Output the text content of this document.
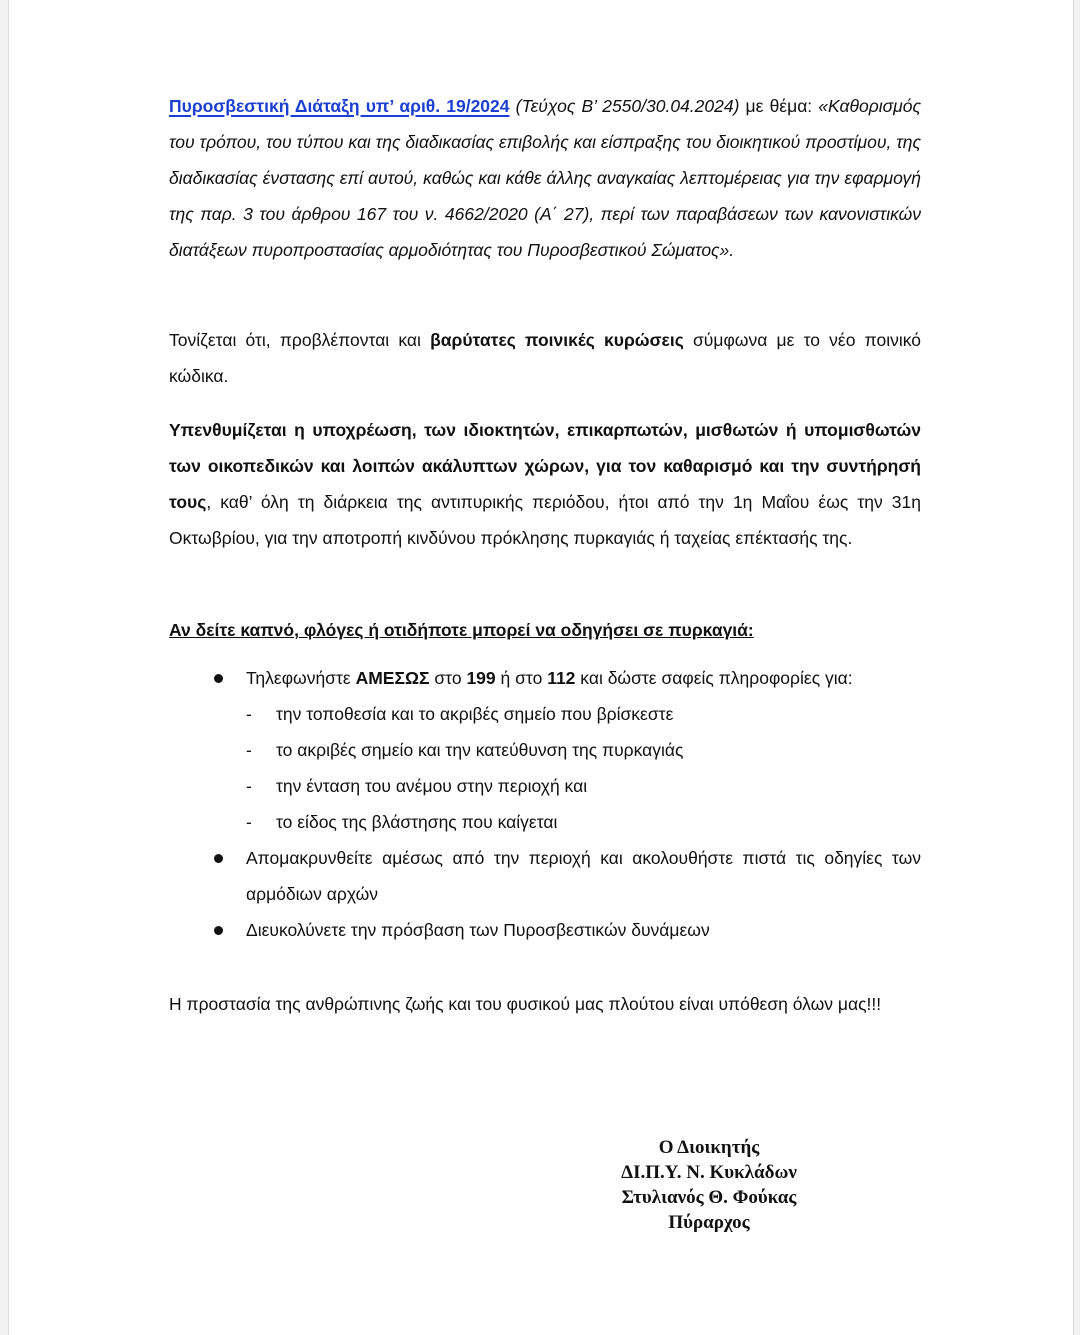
Πυροσβεστική Διάταξη υπ’ αριθ. 19/2024 (Τεύχος Β’ 2550/30.04.2024) με θέμα: «Καθορισμός του τρόπου, του τύπου και της διαδικασίας επιβολής και είσπραξης του διοικητικού προστίμου, της διαδικασίας ένστασης επί αυτού, καθώς και κάθε άλλης αναγκαίας λεπτομέρειας για την εφαρμογή της παρ. 3 του άρθρου 167 του ν. 4662/2020 (Α΄ 27), περί των παραβάσεων των κανονιστικών διατάξεων πυροπροστασίας αρμοδιότητας του Πυροσβεστικού Σώματος».

Τονίζεται ότι, προβλέπονται και βαρύτατες ποινικές κυρώσεις σύμφωνα με το νέο ποινικό κώδικα.

Υπενθυμίζεται η υποχρέωση, των ιδιοκτητών, επικαρπωτών, μισθωτών ή υπομισθωτών των οικοπεδικών και λοιπών ακάλυπτων χώρων, για τον καθαρισμό και την συντήρησή τους, καθ’ όλη τη διάρκεια της αντιπυρικής περιόδου, ήτοι από την 1η Μαΐου έως την 31η Οκτωβρίου, για την αποτροπή κινδύνου πρόκλησης πυρκαγιάς ή ταχείας επέκτασής της.

Αν δείτε καπνό, φλόγες ή οτιδήποτε μπορεί να οδηγήσει σε πυρκαγιά:

Τηλεφωνήστε ΑΜΕΣΩΣ στο 199 ή στο 112 και δώστε σαφείς πληροφορίες για:
- την τοποθεσία και το ακριβές σημείο που βρίσκεστε
- το ακριβές σημείο και την κατεύθυνση της πυρκαγιάς
- την ένταση του ανέμου στην περιοχή και
- το είδος της βλάστησης που καίγεται
Απομακρυνθείτε αμέσως από την περιοχή και ακολουθήστε πιστά τις οδηγίες των αρμόδιων αρχών
Διευκολύνετε την πρόσβαση των Πυροσβεστικών δυνάμεων

Η προστασία της ανθρώπινης ζωής και του φυσικού μας πλούτου είναι υπόθεση όλων μας!!!

Ο Διοικητής
ΔΙ.Π.Υ. Ν. Κυκλάδων
Στυλιανός Θ. Φούκας
Πύραρχος
